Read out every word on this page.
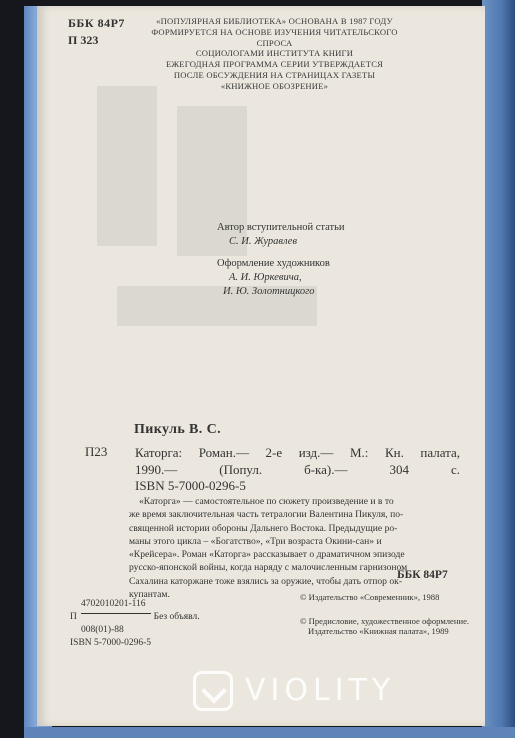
ББК 84Р7
П 323
«ПОПУЛЯРНАЯ БИБЛИОТЕКА» ОСНОВАНА В 1987 ГОДУ
ФОРМИРУЕТСЯ НА ОСНОВЕ ИЗУЧЕНИЯ ЧИТАТЕЛЬСКОГО СПРОСА
СОЦИОЛОГАМИ ИНСТИТУТА КНИГИ
ЕЖЕГОДНАЯ ПРОГРАММА СЕРИИ УТВЕРЖДАЕТСЯ
ПОСЛЕ ОБСУЖДЕНИЯ НА СТРАНИЦАХ ГАЗЕТЫ
«КНИЖНОЕ ОБОЗРЕНИЕ»
Автор вступительной статьи
С. И. Журавлев
Оформление художников
А. И. Юркевича,
И. Ю. Золотницкого
Пикуль В. С.
П23 Каторга: Роман.— 2-е изд.— М.: Кн. палата,
1990.— (Попул. б-ка).— 304 с.
ISBN 5-7000-0296-5
«Каторга» — самостоятельное по сюжету произведение и в то
же время заключительная часть тетралогии Валентина Пикуля, по-
священной истории обороны Дальнего Востока. Предыдущие ро-
маны этого цикла – «Богатство», «Три возраста Окини-сан» и
«Крейсера». Роман «Каторга» рассказывает о драматичном эпизоде
русско-японской войны, когда наряду с малочисленным гарнизоном
Сахалина каторжане тоже взялись за оружие, чтобы дать отпор ок-
купантам.
ББК 84Р7
4702010201-116
П	Без объявл.
008(01)-88
ISBN 5-7000-0296-5
© Издательство «Современник», 1988
© Предисловие, художественное оформление.
Издательство «Книжная палата», 1989
VIOLITY
